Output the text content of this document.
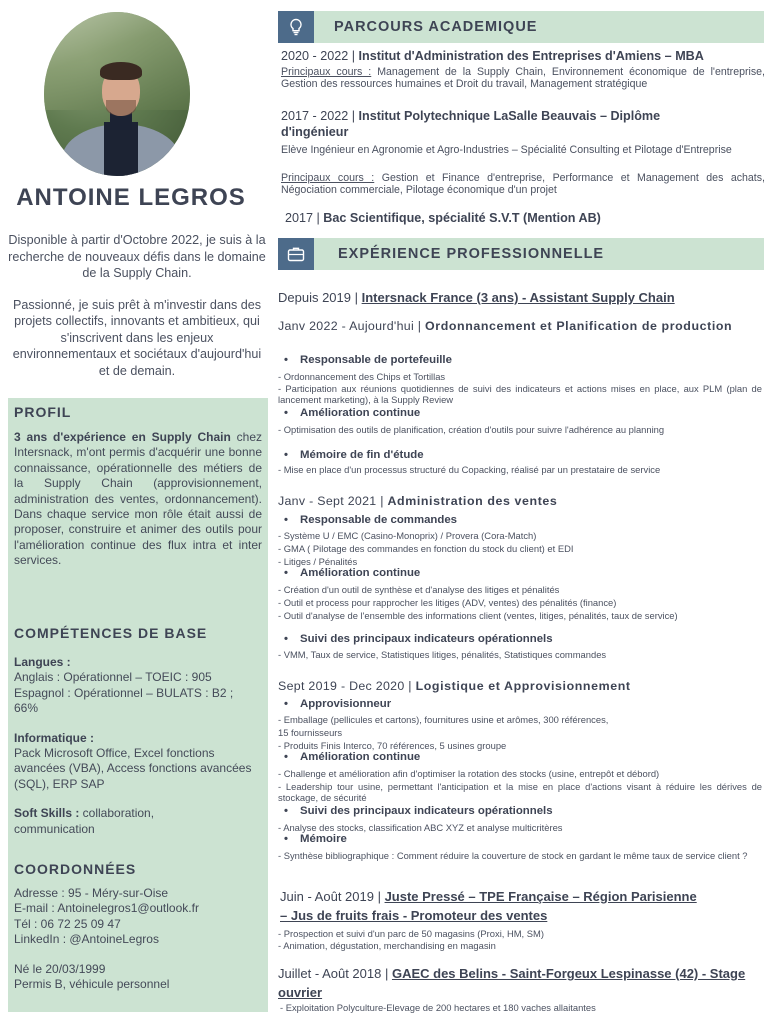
ANTOINE LEGROS

Disponible à partir d'Octobre 2022, je suis à la recherche de nouveaux défis dans le domaine de la Supply Chain.

Passionné, je suis prêt à m'investir dans des projets collectifs, innovants et ambitieux, qui s'inscrivent dans les enjeux environnementaux et sociétaux d'aujourd'hui et de demain.

PROFIL
3 ans d'expérience en Supply Chain chez Intersnack, m'ont permis d'acquérir une bonne connaissance, opérationnelle des métiers de la Supply Chain (approvisionnement, administration des ventes, ordonnancement). Dans chaque service mon rôle était aussi de proposer, construire et animer des outils pour l'amélioration continue des flux intra et inter services.
COMPÉTENCES DE BASE
Langues :
Anglais : Opérationnel – TOEIC : 905
Espagnol : Opérationnel – BULATS : B2 ; 66%
Informatique :
Pack Microsoft Office, Excel fonctions avancées (VBA), Access fonctions avancées (SQL), ERP SAP
Soft Skills : collaboration, communication
COORDONNÉES
Adresse : 95 - Méry-sur-Oise
E-mail : Antoinelegros1@outlook.fr
Tél : 06 72 25 09 47
LinkedIn : @AntoineLegros
Né le 20/03/1999
Permis B, véhicule personnel
PARCOURS ACADEMIQUE
2020 - 2022 | Institut d'Administration des Entreprises d'Amiens – MBA
Principaux cours : Management de la Supply Chain, Environnement économique de l'entreprise, Gestion des ressources humaines et Droit du travail, Management stratégique
2017 - 2022 | Institut Polytechnique LaSalle Beauvais – Diplôme d'ingénieur
Elève Ingénieur en Agronomie et Agro-Industries – Spécialité Consulting et Pilotage d'Entreprise
Principaux cours : Gestion et Finance d'entreprise, Performance et Management des achats, Négociation commerciale, Pilotage économique d'un projet
2017 | Bac Scientifique, spécialité S.V.T (Mention AB)
EXPÉRIENCE PROFESSIONNELLE
Depuis 2019 | Intersnack France (3 ans) - Assistant Supply Chain
Janv 2022 - Aujourd'hui | Ordonnancement et Planification de production
• Responsable de portefeuille
- Ordonnancement des Chips et Tortillas
- Participation aux réunions quotidiennes de suivi des indicateurs et actions mises en place, aux PLM (plan de lancement marketing), à la Supply Review
• Amélioration continue
- Optimisation des outils de planification, création d'outils pour suivre l'adhérence au planning
• Mémoire de fin d'étude
- Mise en place d'un processus structuré du Copacking, réalisé par un prestataire de service
Janv - Sept 2021 | Administration des ventes
• Responsable de commandes
- Système U / EMC (Casino-Monoprix) / Provera (Cora-Match)
- GMA ( Pilotage des commandes en fonction du stock du client) et EDI
- Litiges / Pénalités
• Amélioration continue
- Création d'un outil de synthèse et d'analyse des litiges et pénalités
- Outil et process pour rapprocher les litiges (ADV, ventes) des pénalités (finance)
- Outil d'analyse de l'ensemble des informations client (ventes, litiges, pénalités, taux de service)
• Suivi des principaux indicateurs opérationnels
- VMM, Taux de service, Statistiques litiges, pénalités, Statistiques commandes
Sept 2019 - Dec 2020 | Logistique et Approvisionnement
• Approvisionneur
- Emballage (pellicules et cartons), fournitures usine et arômes, 300 références,
15 fournisseurs
- Produits Finis Interco, 70 références, 5 usines groupe
• Amélioration continue
- Challenge et amélioration afin d'optimiser la rotation des stocks (usine, entrepôt et débord)
- Leadership tour usine, permettant l'anticipation et la mise en place d'actions visant à réduire les dérives de stockage, de sécurité
• Suivi des principaux indicateurs opérationnels
- Analyse des stocks, classification ABC XYZ et analyse multicritères
• Mémoire
- Synthèse bibliographique : Comment réduire la couverture de stock en gardant le même taux de service client ?
Juin - Août 2019 | Juste Pressé – TPE Française – Région Parisienne – Jus de fruits frais - Promoteur des ventes
- Prospection et suivi d'un parc de 50 magasins (Proxi, HM, SM)
- Animation, dégustation, merchandising en magasin
Juillet - Août 2018 | GAEC des Belins - Saint-Forgeux Lespinasse (42) - Stage ouvrier
- Exploitation Polyculture-Elevage de 200 hectares et 180 vaches allaitantes
